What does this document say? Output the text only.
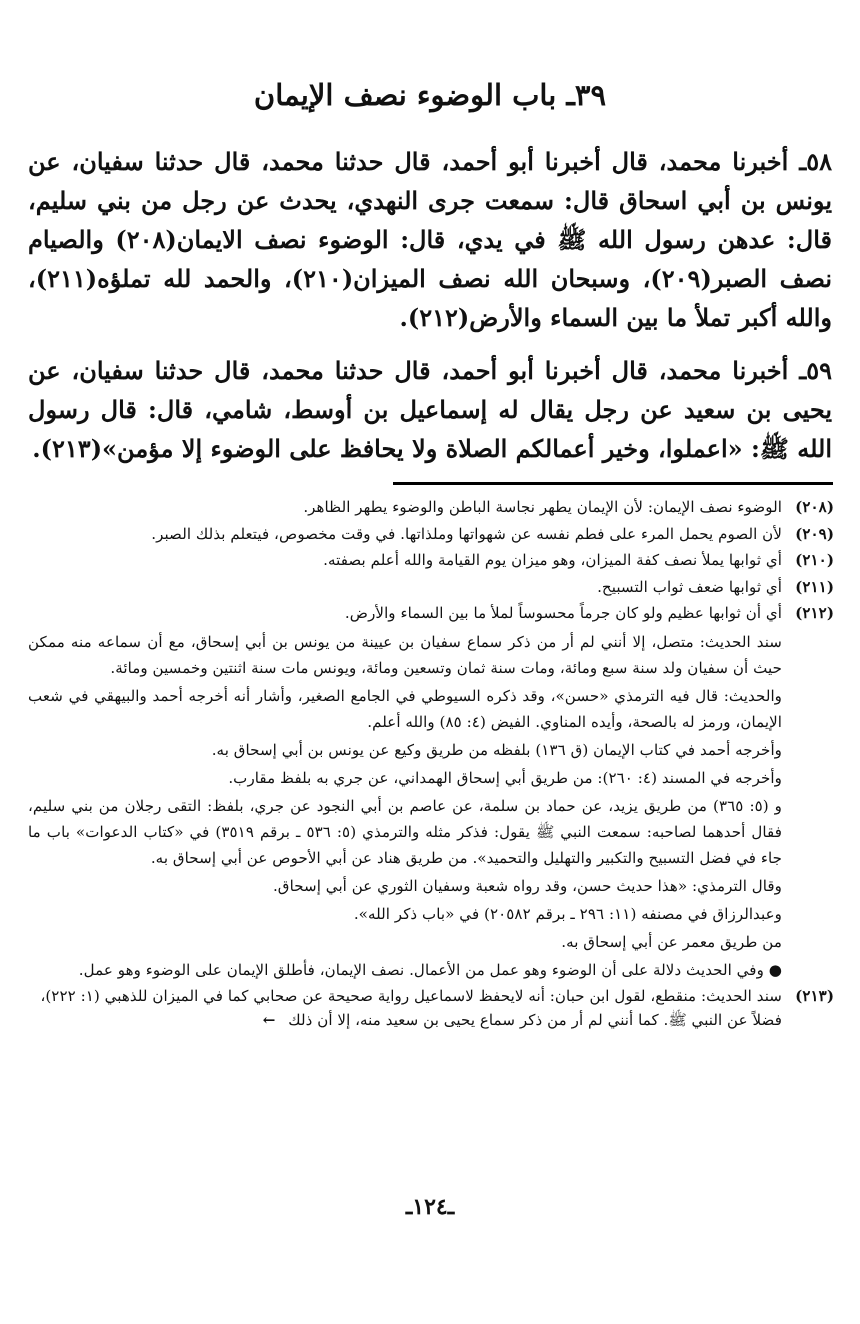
٣٩ـ باب الوضوء نصف الإيمان

٥٨ـ أخبرنا محمد، قال أخبرنا أبو أحمد، قال حدثنا محمد، قال حدثنا سفيان، عن يونس بن أبي اسحاق قال: سمعت جرى النهدي، يحدث عن رجل من بني سليم، قال: عدهن رسول الله ﷺ في يدي، قال: الوضوء نصف الايمان(٢٠٨) والصيام نصف الصبر(٢٠٩)، وسبحان الله نصف الميزان(٢١٠)، والحمد لله تملؤه(٢١١)، والله أكبر تملأ ما بين السماء والأرض(٢١٢).

٥٩ـ أخبرنا محمد، قال أخبرنا أبو أحمد، قال حدثنا محمد، قال حدثنا سفيان، عن يحيى بن سعيد عن رجل يقال له إسماعيل بن أوسط، شامي، قال: قال رسول الله ﷺ: «اعملوا، وخير أعمالكم الصلاة ولا يحافظ على الوضوء إلا مؤمن»(٢١٣).

(٢٠٨)
الوضوء نصف الإيمان: لأن الإيمان يطهر نجاسة الباطن والوضوء يطهر الظاهر.
(٢٠٩)
لأن الصوم يحمل المرء على فطم نفسه عن شهواتها وملذاتها. في وقت مخصوص، فيتعلم بذلك الصبر.
(٢١٠)
أي ثوابها يملأ نصف كفة الميزان، وهو ميزان يوم القيامة والله أعلم بصفته.
(٢١١)
أي ثوابها ضعف ثواب التسبيح.
(٢١٢)
أي أن ثوابها عظيم ولو كان جرماً محسوساً لملأ ما بين السماء والأرض.
سند الحديث: متصل، إلا أنني لم أر من ذكر سماع سفيان بن عيينة من يونس بن أبي إسحاق، مع أن سماعه منه ممكن حيث أن سفيان ولد سنة سبع ومائة، ومات سنة ثمان وتسعين ومائة، ويونس مات سنة اثنتين وخمسين ومائة.
والحديث: قال فيه الترمذي «حسن»، وقد ذكره السيوطي في الجامع الصغير، وأشار أنه أخرجه أحمد والبيهقي في شعب الإيمان، ورمز له بالصحة، وأيده المناوي. الفيض (٤: ٨٥) والله أعلم.
وأخرجه أحمد في كتاب الإيمان (ق ١٣٦) بلفظه من طريق وكيع عن يونس بن أبي إسحاق به.
وأخرجه في المسند (٤: ٢٦٠): من طريق أبي إسحاق الهمداني، عن جري به بلفظ مقارب.
و (٥: ٣٦٥) من طريق يزيد، عن حماد بن سلمة، عن عاصم بن أبي النجود عن جري، بلفظ: التقى رجلان من بني سليم، فقال أحدهما لصاحبه: سمعت النبي ﷺ يقول: فذكر مثله والترمذي (٥: ٥٣٦ ـ برقم ٣٥١٩) في «كتاب الدعوات» باب ما جاء في فضل التسبيح والتكبير والتهليل والتحميد». من طريق هناد عن أبي الأحوص عن أبي إسحاق به.
وقال الترمذي: «هذا حديث حسن، وقد رواه شعبة وسفيان الثوري عن أبي إسحاق.
وعبدالرزاق في مصنفه (١١: ٢٩٦ ـ برقم ٢٠٥٨٢) في «باب ذكر الله».
من طريق معمر عن أبي إسحاق به.
● وفي الحديث دلالة على أن الوضوء وهو عمل من الأعمال. نصف الإيمان، فأطلق الإيمان على الوضوء وهو عمل.
(٢١٣)
سند الحديث: منقطع، لقول ابن حبان: أنه لايحفظ لاسماعيل رواية صحيحة عن صحابي كما في الميزان للذهبي (١: ٢٢٢)، فضلاً عن النبي ﷺ. كما أنني لم أر من ذكر سماع يحيى بن سعيد منه، إلا أن ذلك ←
ـ١٢٤ـ
